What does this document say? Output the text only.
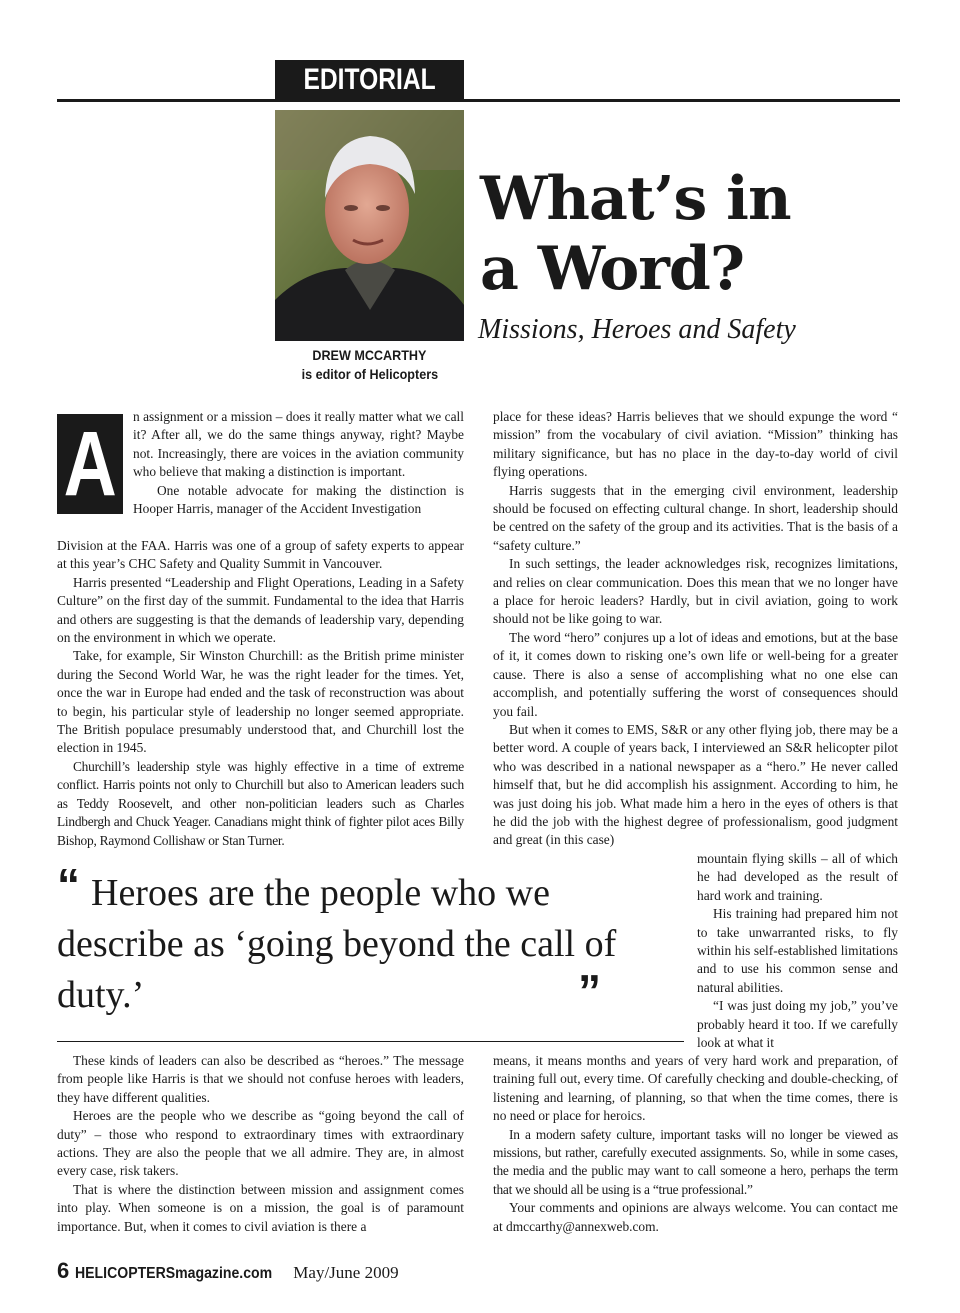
EDITORIAL
DREW MCCARTHY
is editor of Helicopters
What’s in
a Word?
Missions, Heroes and Safety
A	n assignment or a mission – does it really matter what we call it? After all, we do the same things anyway, right? Maybe not. Increasingly, there are voices in the aviation community who believe that making a distinction is important.

One notable advocate for making the distinction is Hooper Harris, manager of the Accident Investigation

Division at the FAA. Harris was one of a group of safety experts to appear at this year’s CHC Safety and Quality Summit in Vancouver.

Harris presented “Leadership and Flight Operations, Leading in a Safety Culture” on the first day of the summit. Fundamental to the idea that Harris and others are suggesting is that the demands of leadership vary, depending on the environment in which we operate.

Take, for example, Sir Winston Churchill: as the British prime minister during the Second World War, he was the right leader for the times. Yet, once the war in Europe had ended and the task of reconstruction was about to begin, his particular style of leadership no longer seemed appropriate. The British populace presumably understood that, and Churchill lost the election in 1945.

Churchill’s leadership style was highly effective in a time of extreme conflict. Harris points not only to Churchill but also to American leaders such as Teddy Roosevelt, and other non-politician leaders such as Charles Lindbergh and Chuck Yeager. Canadians might think of fighter pilot aces Billy Bishop, Raymond Collishaw or Stan Turner.

place for these ideas? Harris believes that we should expunge the word “ mission” from the vocabulary of civil aviation. “Mission” thinking has military significance, but has no place in the day-to-day world of civil flying operations.

Harris suggests that in the emerging civil environment, leadership should be focused on effecting cultural change. In short, leadership should be centred on the safety of the group and its activities. That is the basis of a “safety culture.”

In such settings, the leader acknowledges risk, recognizes limitations, and relies on clear communication. Does this mean that we no longer have a place for heroic leaders? Hardly, but in civil aviation, going to work should not be like going to war.

The word “hero” conjures up a lot of ideas and emotions, but at the base of it, it comes down to risking one’s own life or well-being for a greater cause. There is also a sense of accomplishing what no one else can accomplish, and potentially suffering the worst of consequences should you fail.

But when it comes to EMS, S&R or any other flying job, there may be a better word. A couple of years back, I interviewed an S&R helicopter pilot who was described in a national newspaper as a “hero.” He never called himself that, but he did accomplish his assignment. According to him, he was just doing his job. What made him a hero in the eyes of others is that he did the job with the highest degree of professionalism, good judgment and great (in this case)

mountain flying skills – all of which he had developed as the result of hard work and training.

His training had prepared him not to take unwarranted risks, to fly within his self-established limitations and to use his common sense and natural abilities.

“I was just doing my job,” you’ve probably heard it too. If we carefully look at what it

“ Heroes are the people who we describe as ‘going beyond the call of duty.’	”

These kinds of leaders can also be described as “heroes.” The message from people like Harris is that we should not confuse heroes with leaders, they have different qualities.

Heroes are the people who we describe as “going beyond the call of duty” – those who respond to extraordinary times with extraordinary actions. They are also the people that we all admire. They are, in almost every case, risk takers.

That is where the distinction between mission and assignment comes into play. When someone is on a mission, the goal is of paramount importance. But, when it comes to civil aviation is there a

means, it means months and years of very hard work and preparation, of training full out, every time. Of carefully checking and double-checking, of listening and learning, of planning, so that when the time comes, there is no need or place for heroics.

In a modern safety culture, important tasks will no longer be viewed as missions, but rather, carefully executed assignments. So, while in some cases, the media and the public may want to call someone a hero, perhaps the term that we should all be using is a “true professional.”

Your comments and opinions are always welcome. You can contact me at dmccarthy@annexweb.com.

6 HELICOPTERSmagazine.com	May/June 2009
